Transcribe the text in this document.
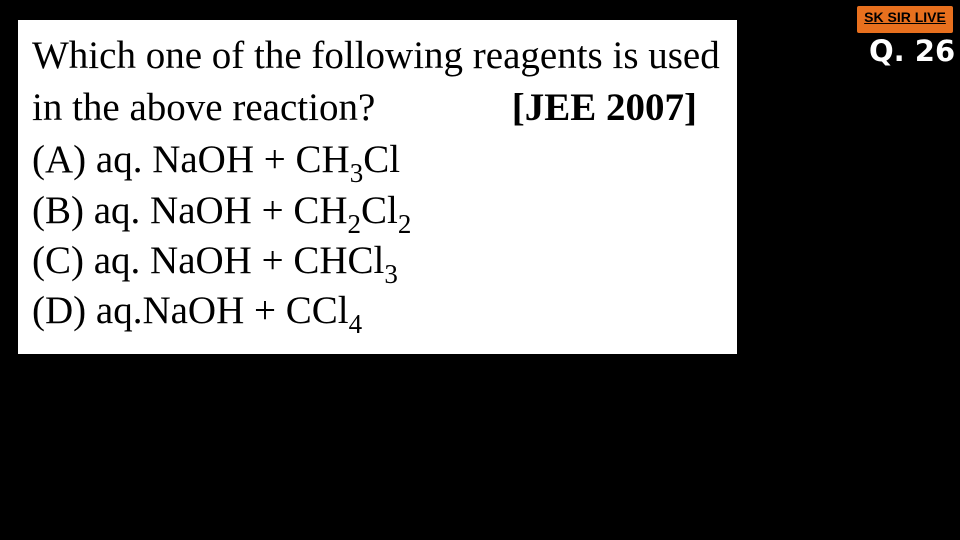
Which one of the following reagents is used
in the above reaction?	[JEE 2007]
(A) aq. NaOH + $CH_3Cl$
(B) aq. NaOH + $CH_2Cl_2$
(C) aq. NaOH + CHCl$_3$
(D) aq.NaOH + CCl$_4$
SK SIR LIVE
Q. 26
